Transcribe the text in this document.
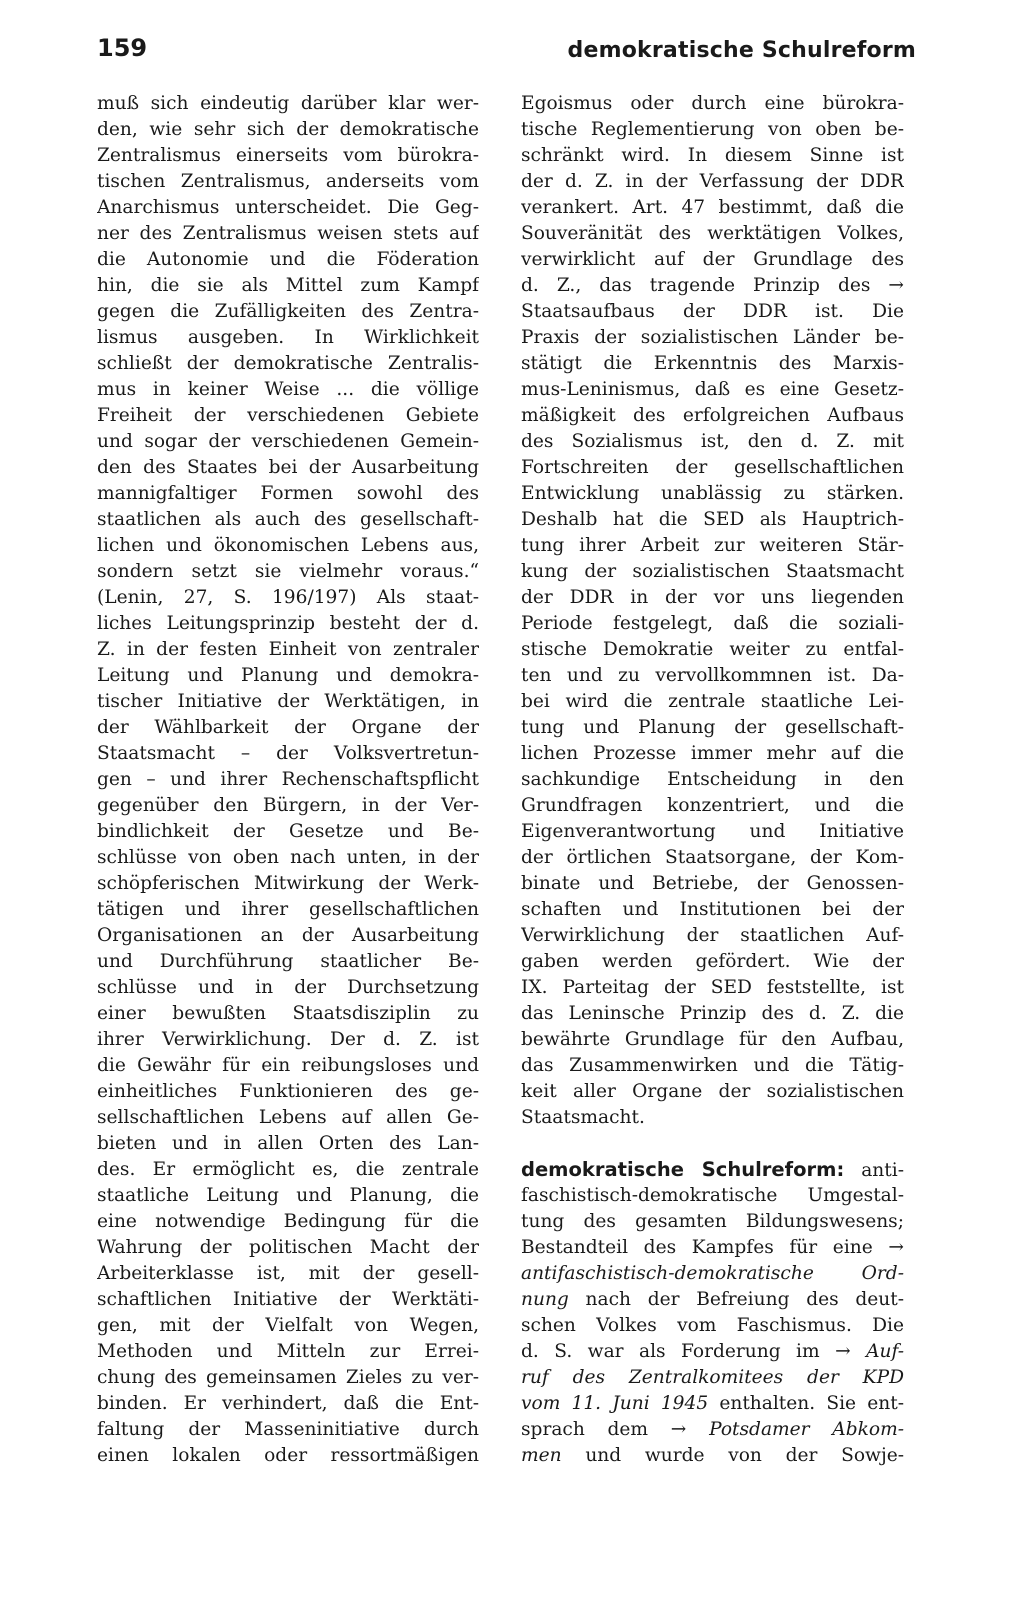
159	demokratische Schulreform
muß sich eindeutig darüber klar wer-
den, wie sehr sich der demokratische
Zentralismus einerseits vom bürokra-
tischen Zentralismus, anderseits vom
Anarchismus unterscheidet. Die Geg-
ner des Zentralismus weisen stets auf
die Autonomie und die Föderation
hin, die sie als Mittel zum Kampf
gegen die Zufälligkeiten des Zentra-
lismus ausgeben. In Wirklichkeit
schließt der demokratische Zentralis-
mus in keiner Weise ... die völlige
Freiheit der verschiedenen Gebiete
und sogar der verschiedenen Gemein-
den des Staates bei der Ausarbeitung
mannigfaltiger Formen sowohl des
staatlichen als auch des gesellschaft-
lichen und ökonomischen Lebens aus,
sondern setzt sie vielmehr voraus.“
(Lenin, 27, S. 196/197) Als staat-
liches Leitungsprinzip besteht der d.
Z. in der festen Einheit von zentraler
Leitung und Planung und demokra-
tischer Initiative der Werktätigen, in
der Wählbarkeit der Organe der
Staatsmacht – der Volksvertretun-
gen – und ihrer Rechenschaftspflicht
gegenüber den Bürgern, in der Ver-
bindlichkeit der Gesetze und Be-
schlüsse von oben nach unten, in der
schöpferischen Mitwirkung der Werk-
tätigen und ihrer gesellschaftlichen
Organisationen an der Ausarbeitung
und Durchführung staatlicher Be-
schlüsse und in der Durchsetzung
einer bewußten Staatsdisziplin zu
ihrer Verwirklichung. Der d. Z. ist
die Gewähr für ein reibungsloses und
einheitliches Funktionieren des ge-
sellschaftlichen Lebens auf allen Ge-
bieten und in allen Orten des Lan-
des. Er ermöglicht es, die zentrale
staatliche Leitung und Planung, die
eine notwendige Bedingung für die
Wahrung der politischen Macht der
Arbeiterklasse ist, mit der gesell-
schaftlichen Initiative der Werktäti-
gen, mit der Vielfalt von Wegen,
Methoden und Mitteln zur Errei-
chung des gemeinsamen Zieles zu ver-
binden. Er verhindert, daß die Ent-
faltung der Masseninitiative durch
einen lokalen oder ressortmäßigen
Egoismus oder durch eine bürokra-
tische Reglementierung von oben be-
schränkt wird. In diesem Sinne ist
der d. Z. in der Verfassung der DDR
verankert. Art. 47 bestimmt, daß die
Souveränität des werktätigen Volkes,
verwirklicht auf der Grundlage des
d. Z., das tragende Prinzip des →
Staatsaufbaus der DDR ist. Die
Praxis der sozialistischen Länder be-
stätigt die Erkenntnis des Marxis-
mus-Leninismus, daß es eine Gesetz-
mäßigkeit des erfolgreichen Aufbaus
des Sozialismus ist, den d. Z. mit
Fortschreiten der gesellschaftlichen
Entwicklung unablässig zu stärken.
Deshalb hat die SED als Hauptrich-
tung ihrer Arbeit zur weiteren Stär-
kung der sozialistischen Staatsmacht
der DDR in der vor uns liegenden
Periode festgelegt, daß die soziali-
stische Demokratie weiter zu entfal-
ten und zu vervollkommnen ist. Da-
bei wird die zentrale staatliche Lei-
tung und Planung der gesellschaft-
lichen Prozesse immer mehr auf die
sachkundige Entscheidung in den
Grundfragen konzentriert, und die
Eigenverantwortung und Initiative
der örtlichen Staatsorgane, der Kom-
binate und Betriebe, der Genossen-
schaften und Institutionen bei der
Verwirklichung der staatlichen Auf-
gaben werden gefördert. Wie der
IX. Parteitag der SED feststellte, ist
das Leninsche Prinzip des d. Z. die
bewährte Grundlage für den Aufbau,
das Zusammenwirken und die Tätig-
keit aller Organe der sozialistischen
Staatsmacht.
demokratische Schulreform: anti-
faschistisch-demokratische Umgestal-
tung des gesamten Bildungswesens;
Bestandteil des Kampfes für eine →
antifaschistisch-demokratische Ord-
nung nach der Befreiung des deut-
schen Volkes vom Faschismus. Die
d. S. war als Forderung im → Auf-
ruf des Zentralkomitees der KPD
vom 11. Juni 1945 enthalten. Sie ent-
sprach dem → Potsdamer Abkom-
men und wurde von der Sowje-
